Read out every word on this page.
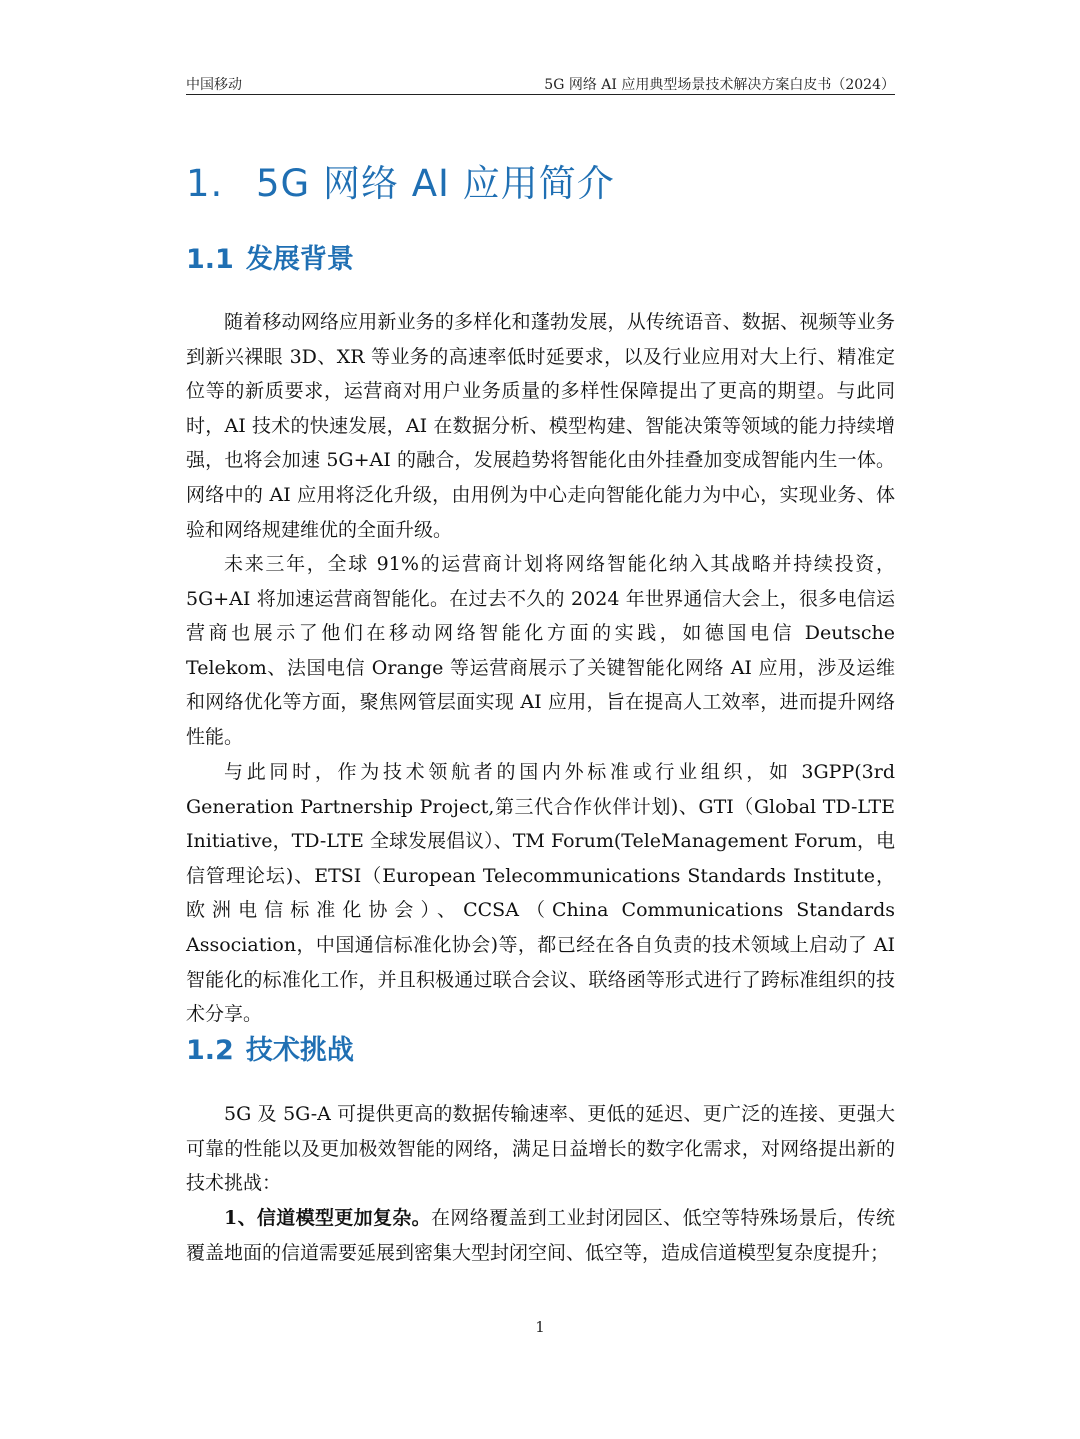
中国移动	5G 网络 AI 应用典型场景技术解决方案白皮书（2024）
1. 5G 网络 AI 应用简介
1.1 发展背景

随着移动网络应用新业务的多样化和蓬勃发展，从传统语音、数据、视频等业务到新兴裸眼 3D、XR 等业务的高速率低时延要求，以及行业应用对大上行、精准定位等的新质要求，运营商对用户业务质量的多样性保障提出了更高的期望。与此同时，AI 技术的快速发展，AI 在数据分析、模型构建、智能决策等领域的能力持续增强，也将会加速 5G+AI 的融合，发展趋势将智能化由外挂叠加变成智能内生一体。网络中的 AI 应用将泛化升级，由用例为中心走向智能化能力为中心，实现业务、体验和网络规建维优的全面升级。

未来三年，全球 91%的运营商计划将网络智能化纳入其战略并持续投资，5G+AI 将加速运营商智能化。在过去不久的 2024 年世界通信大会上，很多电信运营商也展示了他们在移动网络智能化方面的实践，如德国电信 Deutsche Telekom、法国电信 Orange 等运营商展示了关键智能化网络 AI 应用，涉及运维和网络优化等方面，聚焦网管层面实现 AI 应用，旨在提高人工效率，进而提升网络性能。

与此同时，作为技术领航者的国内外标准或行业组织，如 3GPP(3rd Generation Partnership Project,第三代合作伙伴计划)、GTI（Global TD-LTE Initiative，TD-LTE 全球发展倡议）、TM Forum(TeleManagement Forum，电信管理论坛)、ETSI（European Telecommunications Standards Institute，欧洲电信标准化协会）、CCSA（China Communications Standards Association，中国通信标准化协会)等，都已经在各自负责的技术领域上启动了 AI 智能化的标准化工作，并且积极通过联合会议、联络函等形式进行了跨标准组织的技术分享。

1.2 技术挑战

5G 及 5G-A 可提供更高的数据传输速率、更低的延迟、更广泛的连接、更强大可靠的性能以及更加极效智能的网络，满足日益增长的数字化需求，对网络提出新的技术挑战：

1、信道模型更加复杂。在网络覆盖到工业封闭园区、低空等特殊场景后，传统覆盖地面的信道需要延展到密集大型封闭空间、低空等，造成信道模型复杂度提升；

1
